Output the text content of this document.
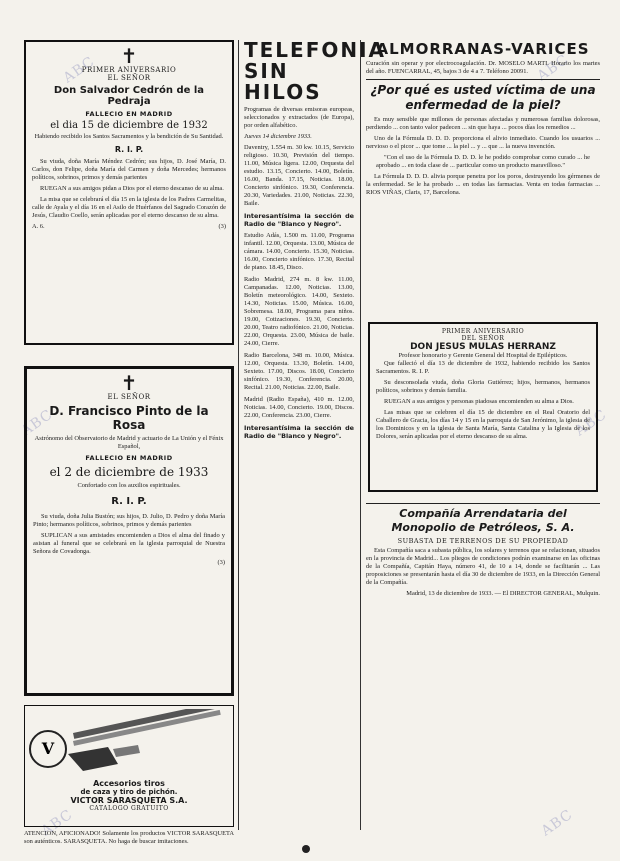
ABC	ABC
ABC	ABC
ABC	ABC
✝
PRIMER ANIVERSARIO
EL SEÑOR
Don Salvador Cedrón de la Pedraja
FALLECIO EN MADRID
el dia 15 de diciembre de 1932
Habiendo recibido los Santos Sacramentos y la bendición de Su Santidad.
R. I. P.
Su viuda, doña María Méndez Cedrón; sus hijos, D. José María, D. Carlos, don Felipe, doña María del Carmen y doña Mercedes; hermanos políticos, sobrinos, primos y demás parientes
RUEGAN a sus amigos pidan a Dios por el eterno descanso de su alma.
La misa que se celebrará el día 15 en la iglesia de los Padres Carmelitas, calle de Ayala y el día 16 en el Asilo de Huérfanos del Sagrado Corazón de Jesús, Claudio Coello, serán aplicadas por el eterno descanso de su alma.
A. 6.	(3)
✝
EL SEÑOR
D. Francisco Pinto de la Rosa
Astrónomo del Observatorio de Madrid y actuario de La Unión y el Fénix Español,
FALLECIO EN MADRID
el 2 de diciembre de 1933
Confortado con los auxilios espirituales.
R. I. P.
Su viuda, doña Julia Bustón; sus hijos, D. Julio, D. Pedro y doña María Pinto; hermanos políticos, sobrinos, primos y demás parientes
SUPLICAN a sus amistades encomienden a Dios el alma del finado y asistan al funeral que se celebrará en la iglesia parroquial de Nuestra Señora de Covadonga.
(3)
V
Accesorios tiros
de caza y tiro de pichón.
VICTOR SARASQUETA S.A.
CATALOGO GRATUITO
ATENCION, AFICIONADO! Solamente los productos VICTOR SARASQUETA son auténticos. SARASQUETA. No haga de buscar imitaciones.
TELEFONIA
SIN HILOS
Programas de diversas emisoras europeas, seleccionados y extractados (de Europa), por orden alfabético.
Jueves 14 diciembre 1933.

Daventry, 1.554 m. 30 kw. 10.15, Servicio religioso. 10.30, Previsión del tiempo. 11.00, Música ligera. 12.00, Orquesta del estudio. 13.15, Concierto. 14.00, Boletín. 16.00, Banda. 17.15, Noticias. 18.00, Concierto sinfónico. 19.30, Conferencia. 20.30, Variedades. 21.00, Noticias. 22.30, Baile.

Interesantísima la sección de Radio de "Blanco y Negro".

Estudio Adás, 1.500 m. 11.00, Programa infantil. 12.00, Orquesta. 13.00, Música de cámara. 14.00, Concierto. 15.30, Noticias. 16.00, Concierto sinfónico. 17.30, Recital de piano. 18.45, Disco.

Radio Madrid, 274 m. 8 kw. 11.00, Campanadas. 12.00, Noticias. 13.00, Boletín meteorológico. 14.00, Sexteto. 14.30, Noticias. 15.00, Música. 16.00, Sobremesa. 18.00, Programa para niños. 19.00, Cotizaciones. 19.30, Concierto. 20.00, Teatro radiofónico. 21.00, Noticias. 22.00, Orquesta. 23.00, Música de baile. 24.00, Cierre.

Radio Barcelona, 348 m. 10.00, Música. 12.00, Orquesta. 13.30, Boletín. 14.00, Sexteto. 17.00, Discos. 18.00, Concierto sinfónico. 19.30, Conferencia. 20.00, Recital. 21.00, Noticias. 22.00, Baile.

Madrid (Radio España), 410 m. 12.00, Noticias. 14.00, Concierto. 19.00, Discos. 22.00, Conferencia. 23.00, Cierre.

Interesantísima la sección de Radio de "Blanco y Negro".

ALMORRANAS-VARICES
Curación sin operar y por electrocoagulación. Dr. MOSELO MARTI. Horario los martes del año. FUENCARRAL, 45, bajos 3 de 4 a 7. Teléfono 20091.
¿Por qué es usted víctima de una enfermedad de la piel?
Es muy sensible que millones de personas afectadas y numerosas familias dolorosas, perdiendo ... con tanto valor padecen ... sin que haya ... pocos días los remedios ...
Uno de la Fórmula D. D. D. proporciona el alivio inmediato. Cuando los usuarios ... nervioso o el picor ... que tome ... la piel ... y ... que ... la nueva invención.
"Con el uso de la Fórmula D. D. D. le he podido comprobar como curado ... he aprobado ... en toda clase de ... particular como un producto maravilloso."
La Fórmula D. D. D. alivia porque penetra por los poros, destruyendo los gérmenes de la enfermedad. Se le ha probado ... en todas las farmacias. Venta en todas farmacias ... RIOS VIÑAS, Claris, 17, Barcelona.
PRIMER ANIVERSARIO
DEL SEÑOR
DON JESUS MULAS HERRANZ
Profesor honorario y Gerente General del Hospital de Epilépticos.
Que falleció el día 13 de diciembre de 1932, habiendo recibido los Santos Sacramentos. R. I. P.
Su desconsolada viuda, doña Gloria Gutiérrez; hijos, hermanos, hermanos políticos, sobrinos y demás familia.
RUEGAN a sus amigos y personas piadosas encomienden su alma a Dios.
Las misas que se celebren el día 15 de diciembre en el Real Oratorio del Caballero de Gracia, los días 14 y 15 en la parroquia de San Jerónimo, la iglesia de los Dominicos y en la iglesia de Santa María, Santa Catalina y la Iglesia de los Dolores, serán aplicadas por el eterno descanso de su alma.
Compañía Arrendataria del Monopolio de Petróleos, S. A.
SUBASTA DE TERRENOS DE SU PROPIEDAD
Esta Compañía saca a subasta pública, los solares y terrenos que se relacionan, situados en la provincia de Madrid... Los pliegos de condiciones podrán examinarse en las oficinas de la Compañía, Capitán Haya, número 41, de 10 a 14, donde se facilitarán ... Las proposiciones se presentarán hasta el día 30 de diciembre de 1933, en la Dirección General de la Compañía.
Madrid, 13 de diciembre de 1933. — El DIRECTOR GENERAL, Mulquin.
